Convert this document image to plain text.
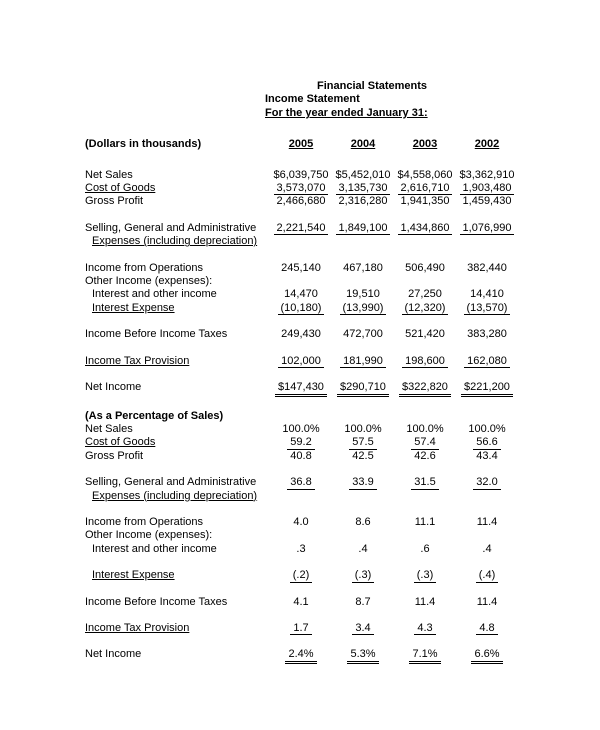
Financial Statements
Income Statement
For the year ended January 31:
(Dollars in thousands)	2005	2004	2003	2002
Net Sales	$6,039,750	$5,452,010	$4,558,060	$3,362,910
Cost of Goods	3,573,070	3,135,730	2,616,710	1,903,480
Gross Profit	2,466,680	2,316,280	1,941,350	1,459,430

Selling, General and Administrative
Expenses (including depreciation)	2,221,540	1,849,100	1,434,860	1,076,990

Income from Operations	245,140	467,180	506,490	382,440
Other Income (expenses):				
Interest and other income	14,470	19,510	27,250	14,410
Interest Expense	(10,180)	(13,990)	(12,320)	(13,570)

Income Before Income Taxes	249,430	472,700	521,420	383,280

Income Tax Provision	102,000	181,990	198,600	162,080

Net Income	$147,430	$290,710	$322,820	$221,200

(As a Percentage of Sales)				
Net Sales	100.0%	100.0%	100.0%	100.0%
Cost of Goods	59.2	57.5	57.4	56.6
Gross Profit	40.8	42.5	42.6	43.4

Selling, General and Administrative
Expenses (including depreciation)	36.8	33.9	31.5	32.0

Income from Operations	4.0	8.6	11.1	11.4
Other Income (expenses):				
Interest and other income	.3	.4	.6	.4

Interest Expense	(.2)	(.3)	(.3)	(.4)

Income Before Income Taxes	4.1	8.7	11.4	11.4

Income Tax Provision	1.7	3.4	4.3	4.8

Net Income	2.4%	5.3%	7.1%	6.6%
